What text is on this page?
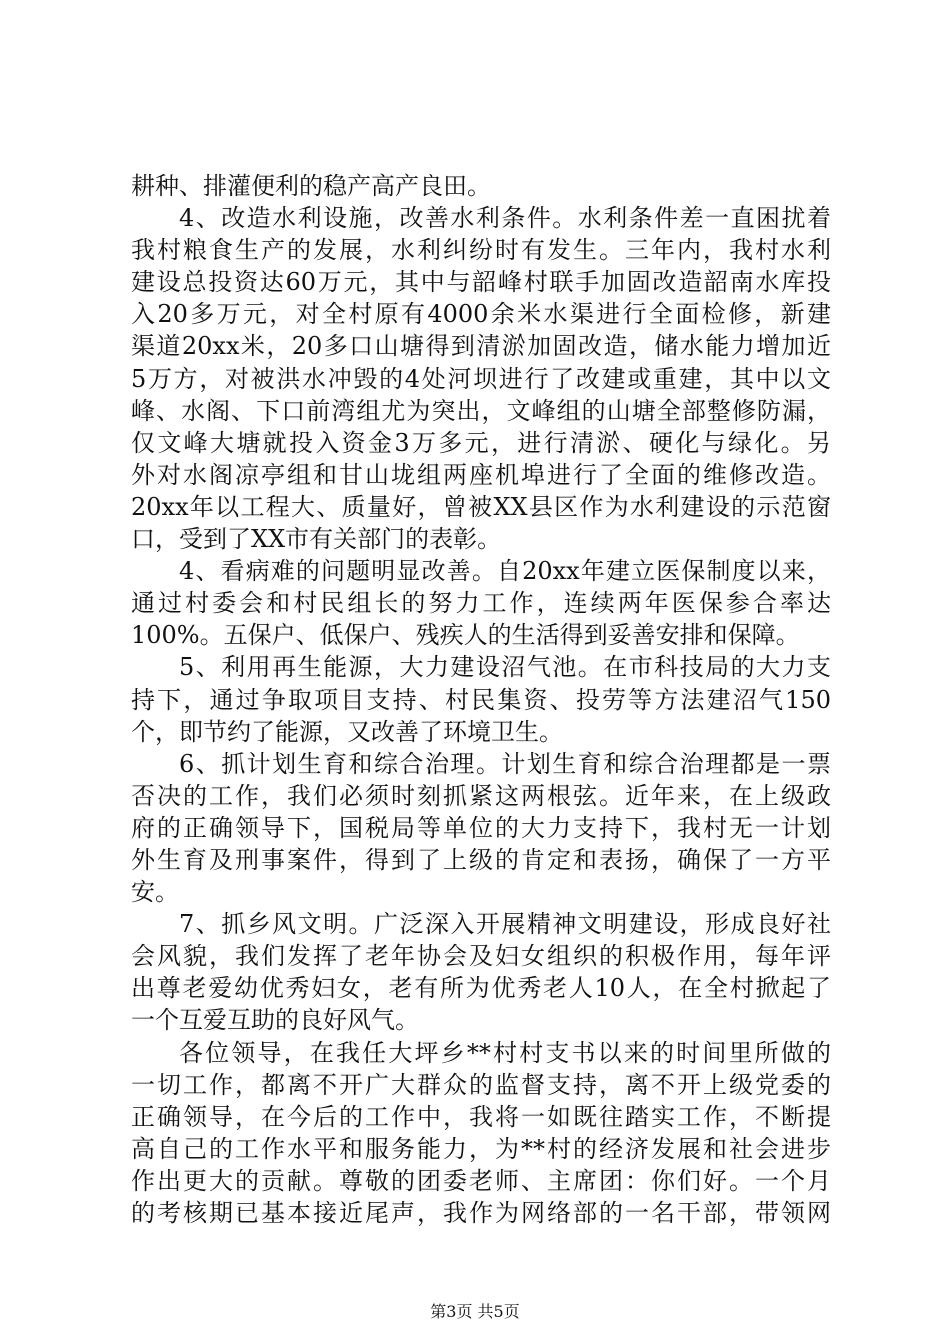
耕种、排灌便利的稳产高产良田。
4、改造水利设施，改善水利条件。水利条件差一直困扰着
我村粮食生产的发展，水利纠纷时有发生。三年内，我村水利
建设总投资达60万元，其中与韶峰村联手加固改造韶南水库投
入20多万元，对全村原有4000余米水渠进行全面检修，新建
渠道20xx米，20多口山塘得到清淤加固改造，储水能力增加近
5万方，对被洪水冲毁的4处河坝进行了改建或重建，其中以文
峰、水阁、下口前湾组尤为突出，文峰组的山塘全部整修防漏，
仅文峰大塘就投入资金3万多元，进行清淤、硬化与绿化。另
外对水阁凉亭组和甘山垅组两座机埠进行了全面的维修改造。
20xx年以工程大、质量好，曾被XX县区作为水利建设的示范窗
口，受到了XX市有关部门的表彰。
4、看病难的问题明显改善。自20xx年建立医保制度以来，
通过村委会和村民组长的努力工作，连续两年医保参合率达
100%。五保户、低保户、残疾人的生活得到妥善安排和保障。
5、利用再生能源，大力建设沼气池。在市科技局的大力支
持下，通过争取项目支持、村民集资、投劳等方法建沼气150
个，即节约了能源，又改善了环境卫生。
6、抓计划生育和综合治理。计划生育和综合治理都是一票
否决的工作，我们必须时刻抓紧这两根弦。近年来，在上级政
府的正确领导下，国税局等单位的大力支持下，我村无一计划
外生育及刑事案件，得到了上级的肯定和表扬，确保了一方平
安。
7、抓乡风文明。广泛深入开展精神文明建设，形成良好社
会风貌，我们发挥了老年协会及妇女组织的积极作用，每年评
出尊老爱幼优秀妇女，老有所为优秀老人10人，在全村掀起了
一个互爱互助的良好风气。
各位领导，在我任大坪乡**村村支书以来的时间里所做的
一切工作，都离不开广大群众的监督支持，离不开上级党委的
正确领导，在今后的工作中，我将一如既往踏实工作，不断提
高自己的工作水平和服务能力，为**村的经济发展和社会进步
作出更大的贡献。尊敬的团委老师、主席团：你们好。一个月
的考核期已基本接近尾声，我作为网络部的一名干部，带领网
第3页 共5页
